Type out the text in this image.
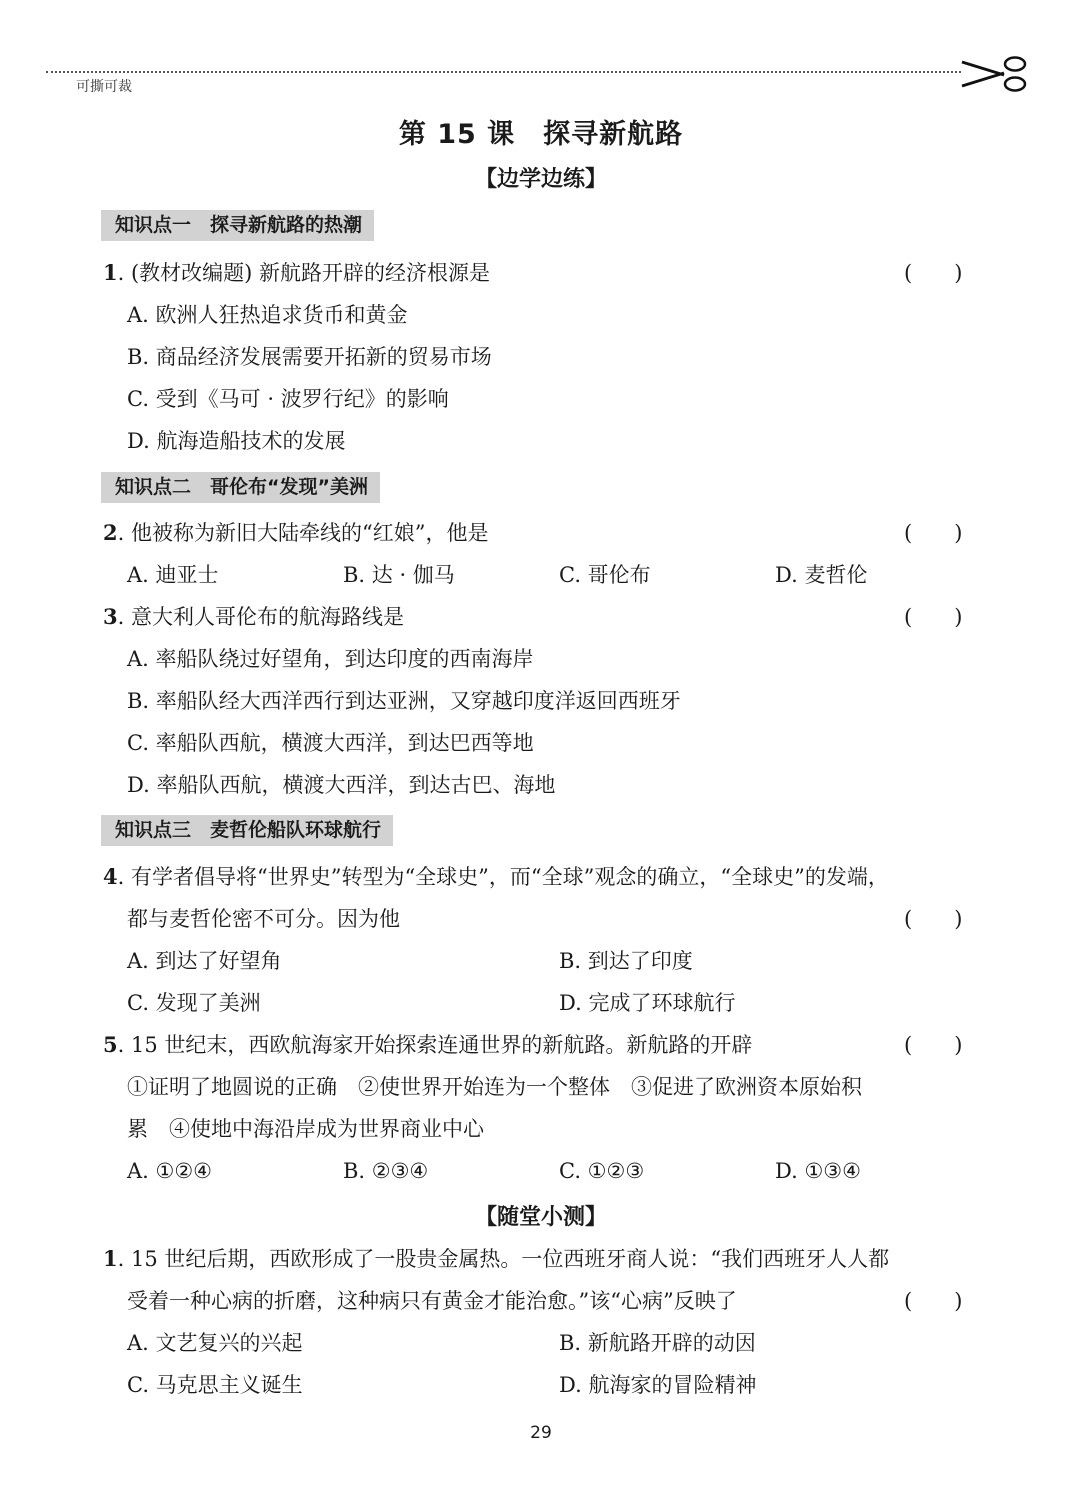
可撕可裁
第 15 课　探寻新航路
【边学边练】
知识点一　探寻新航路的热潮
1. (教材改编题) 新航路开辟的经济根源是	(　　)
A. 欧洲人狂热追求货币和黄金
B. 商品经济发展需要开拓新的贸易市场
C. 受到《马可 · 波罗行纪》的影响
D. 航海造船技术的发展
知识点二　哥伦布“发现”美洲
2. 他被称为新旧大陆牵线的“红娘”，他是	(　　)
A. 迪亚士	B. 达 · 伽马	C. 哥伦布	D. 麦哲伦
3. 意大利人哥伦布的航海路线是	(　　)
A. 率船队绕过好望角，到达印度的西南海岸
B. 率船队经大西洋西行到达亚洲，又穿越印度洋返回西班牙
C. 率船队西航，横渡大西洋，到达巴西等地
D. 率船队西航，横渡大西洋，到达古巴、海地
知识点三　麦哲伦船队环球航行
4. 有学者倡导将“世界史”转型为“全球史”，而“全球”观念的确立，“全球史”的发端，
都与麦哲伦密不可分。因为他	(　　)
A. 到达了好望角	B. 到达了印度
C. 发现了美洲	D. 完成了环球航行
5. 15 世纪末，西欧航海家开始探索连通世界的新航路。新航路的开辟	(　　)
①证明了地圆说的正确　②使世界开始连为一个整体　③促进了欧洲资本原始积
累　④使地中海沿岸成为世界商业中心
A. ①②④	B. ②③④	C. ①②③	D. ①③④
【随堂小测】
1. 15 世纪后期，西欧形成了一股贵金属热。一位西班牙商人说：“我们西班牙人人都
受着一种心病的折磨，这种病只有黄金才能治愈。”该“心病”反映了	(　　)
A. 文艺复兴的兴起	B. 新航路开辟的动因
C. 马克思主义诞生	D. 航海家的冒险精神
29
